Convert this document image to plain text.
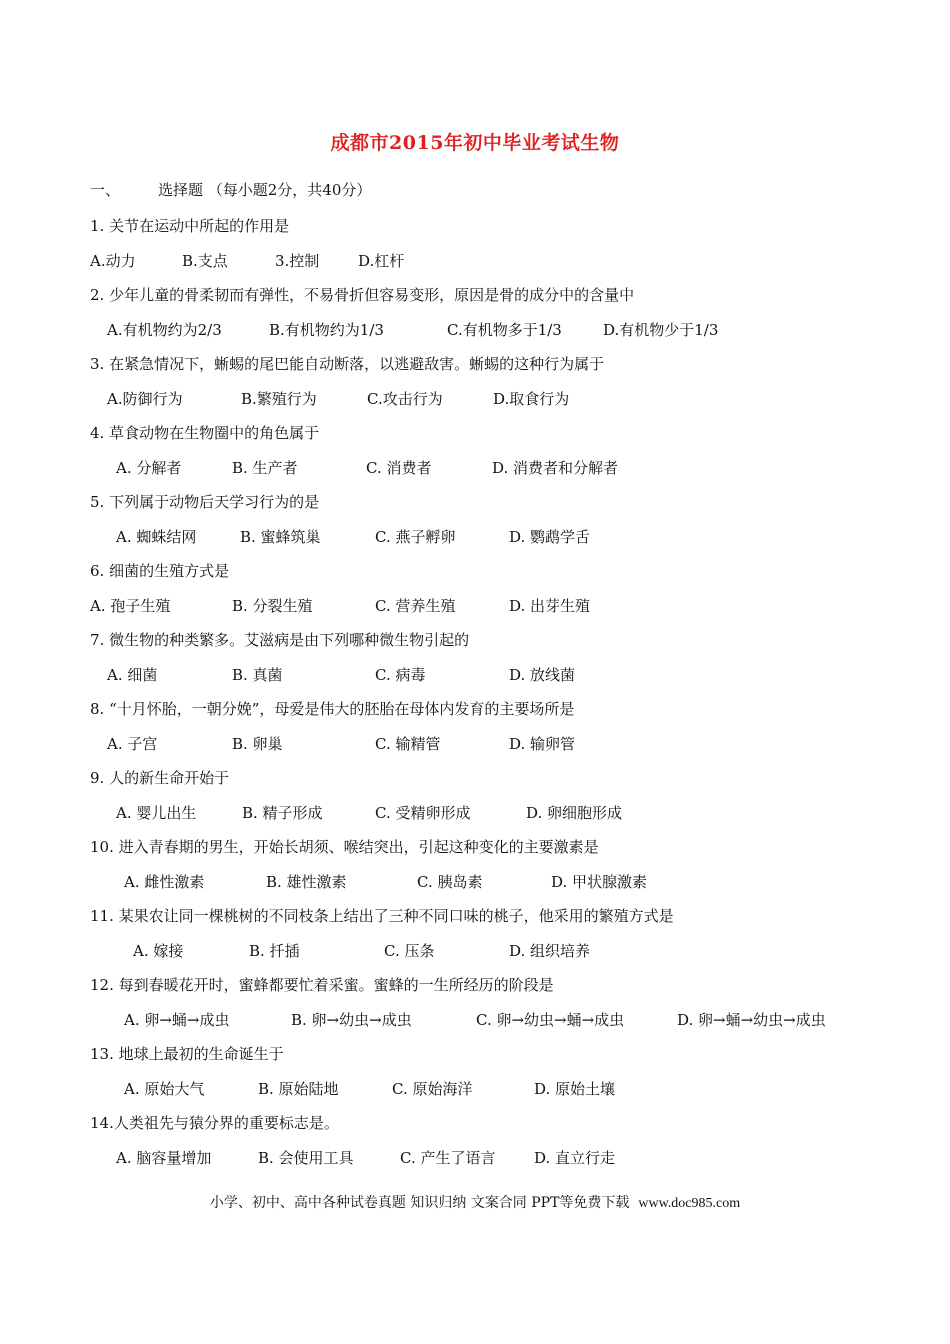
成都市2015年初中毕业考试生物
一、	选择题 （每小题2分，共40分）
1. 关节在运动中所起的作用是
A.动力	B.支点	3.控制	D.杠杆
2. 少年儿童的骨柔韧而有弹性，不易骨折但容易变形，原因是骨的成分中的含量中
A.有机物约为2/3	B.有机物约为1/3	C.有机物多于1/3	D.有机物少于1/3
3. 在紧急情况下，蜥蜴的尾巴能自动断落，以逃避敌害。蜥蜴的这种行为属于
A.防御行为	B.繁殖行为	C.攻击行为	D.取食行为
4. 草食动物在生物圈中的角色属于
A. 分解者	B. 生产者	C. 消费者	D. 消费者和分解者
5. 下列属于动物后天学习行为的是
A. 蜘蛛结网	B. 蜜蜂筑巢	C. 燕子孵卵	D. 鹦鹉学舌
6. 细菌的生殖方式是
A. 孢子生殖	B. 分裂生殖	C. 营养生殖	D. 出芽生殖
7. 微生物的种类繁多。艾滋病是由下列哪种微生物引起的
A. 细菌	B. 真菌	C. 病毒	D. 放线菌
8. “十月怀胎，一朝分娩”，母爱是伟大的胚胎在母体内发育的主要场所是
A. 子宫	B. 卵巢	C. 输精管	D. 输卵管
9. 人的新生命开始于
A. 婴儿出生	B. 精子形成	C. 受精卵形成	D. 卵细胞形成
10. 进入青春期的男生，开始长胡须、喉结突出，引起这种变化的主要激素是
A. 雌性激素	B. 雄性激素	C. 胰岛素	D. 甲状腺激素
11. 某果农让同一棵桃树的不同枝条上结出了三种不同口味的桃子，他采用的繁殖方式是
A. 嫁接	B. 扦插	C. 压条	D. 组织培养
12. 每到春暖花开时，蜜蜂都要忙着采蜜。蜜蜂的一生所经历的阶段是
A. 卵→蛹→成虫	B. 卵→幼虫→成虫	C. 卵→幼虫→蛹→成虫	D. 卵→蛹→幼虫→成虫
13. 地球上最初的生命诞生于
A. 原始大气	B. 原始陆地	C. 原始海洋	D. 原始土壤
14.人类祖先与猿分界的重要标志是。
A. 脑容量增加	B. 会使用工具	C. 产生了语言	D. 直立行走
小学、初中、高中各种试卷真题 知识归纳 文案合同 PPT等免费下载 www.doc985.com
